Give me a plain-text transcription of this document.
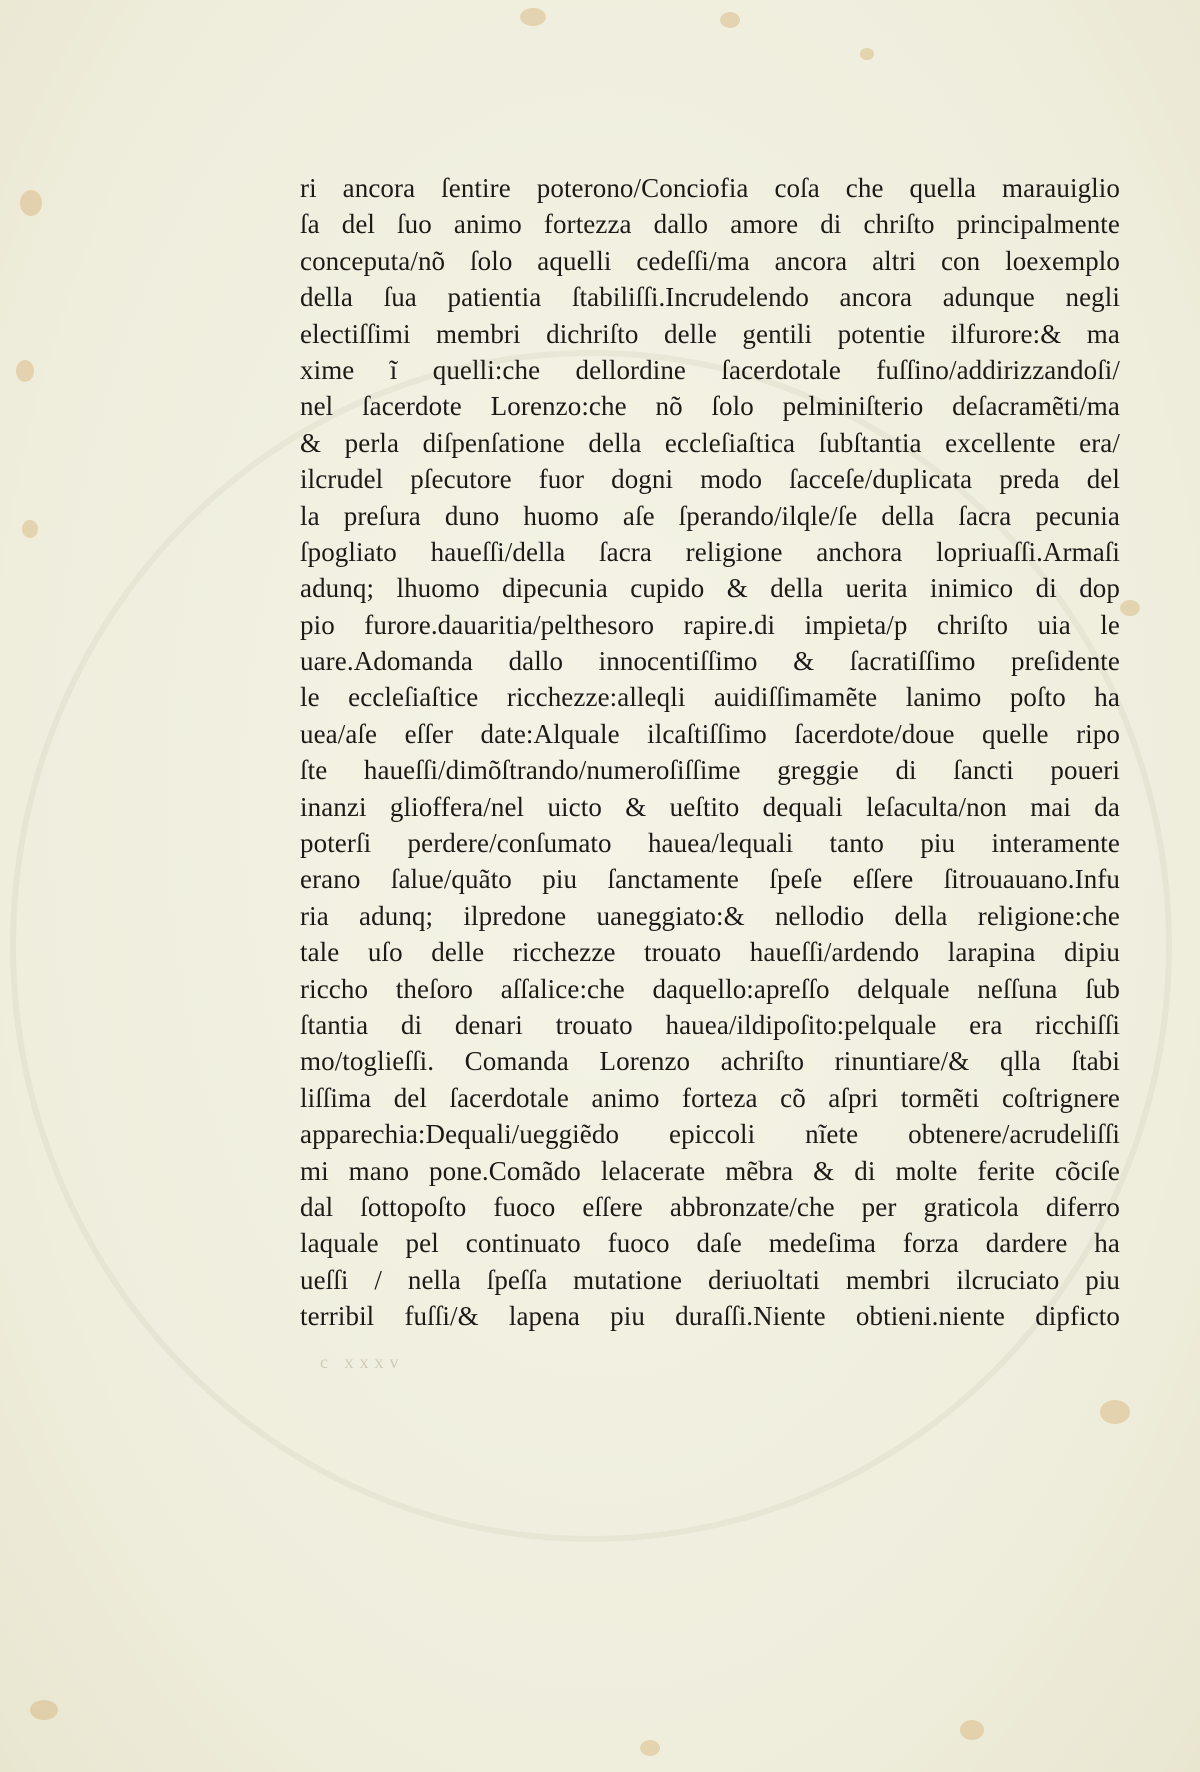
ri ancora ſentire poterono/Conciofia coſa che quella marauiglio
ſa del ſuo animo fortezza dallo amore di chriſto principalmente
conceputa/nõ ſolo aquelli cedeſſi/ma ancora altri con loexemplo
della ſua patientia ſtabiliſſi.Incrudelendo ancora adunque negli
electiſſimi membri dichriſto delle gentili potentie ilfurore:& ma
xime ĩ quelli:che dellordine ſacerdotale fuſſino/addirizzandoſi/
nel ſacerdote Lorenzo:che nõ ſolo pelminiſterio deſacramẽti/ma
& perla diſpenſatione della eccleſiaſtica ſubſtantia excellente era/
ilcrudel pſecutore fuor dogni modo ſacceſe/duplicata preda del
la preſura duno huomo aſe ſperando/ilqle/ſe della ſacra pecunia
ſpogliato haueſſi/della ſacra religione anchora lopriuaſſi.Armaſi
adunq; lhuomo dipecunia cupido & della uerita inimico di dop
pio furore.dauaritia/pelthesoro rapire.di impieta/p chriſto uia le
uare.Adomanda dallo innocentiſſimo & ſacratiſſimo preſidente
le eccleſiaſtice ricchezze:alleqli auidiſſimamẽte lanimo poſto ha
uea/aſe eſſer date:Alquale ilcaſtiſſimo ſacerdote/doue quelle ripo
ſte haueſſi/dimõſtrando/numeroſiſſime greggie di ſancti poueri
inanzi glioffera/nel uicto & ueſtito dequali leſaculta/non mai da
poterſi perdere/conſumato hauea/lequali tanto piu interamente
erano ſalue/quãto piu ſanctamente ſpeſe eſſere ſitrouauano.Infu
ria adunq; ilpredone uaneggiato:& nellodio della religione:che
tale uſo delle ricchezze trouato haueſſi/ardendo larapina dipiu
riccho theſoro aſſalice:che daquello:apreſſo delquale neſſuna ſub
ſtantia di denari trouato hauea/ildipoſito:pelquale era ricchiſſi
mo/toglieſſi. Comanda Lorenzo achriſto rinuntiare/& qlla ſtabi
liſſima del ſacerdotale animo forteza cõ aſpri tormẽti coſtrignere
apparechia:Dequali/ueggiẽdo epiccoli nĩete obtenere/acrudeliſſi
mi mano pone.Comãdo lelacerate mẽbra & di molte ferite cõciſe
dal ſottopoſto fuoco eſſere abbronzate/che per graticola diferro
laquale pel continuato fuoco daſe medeſima forza dardere ha
ueſſi / nella ſpeſſa mutatione deriuoltati membri ilcruciato piu
terribil fuſſi/& lapena piu duraſſi.Niente obtieni.niente dipficto
c xxxv
